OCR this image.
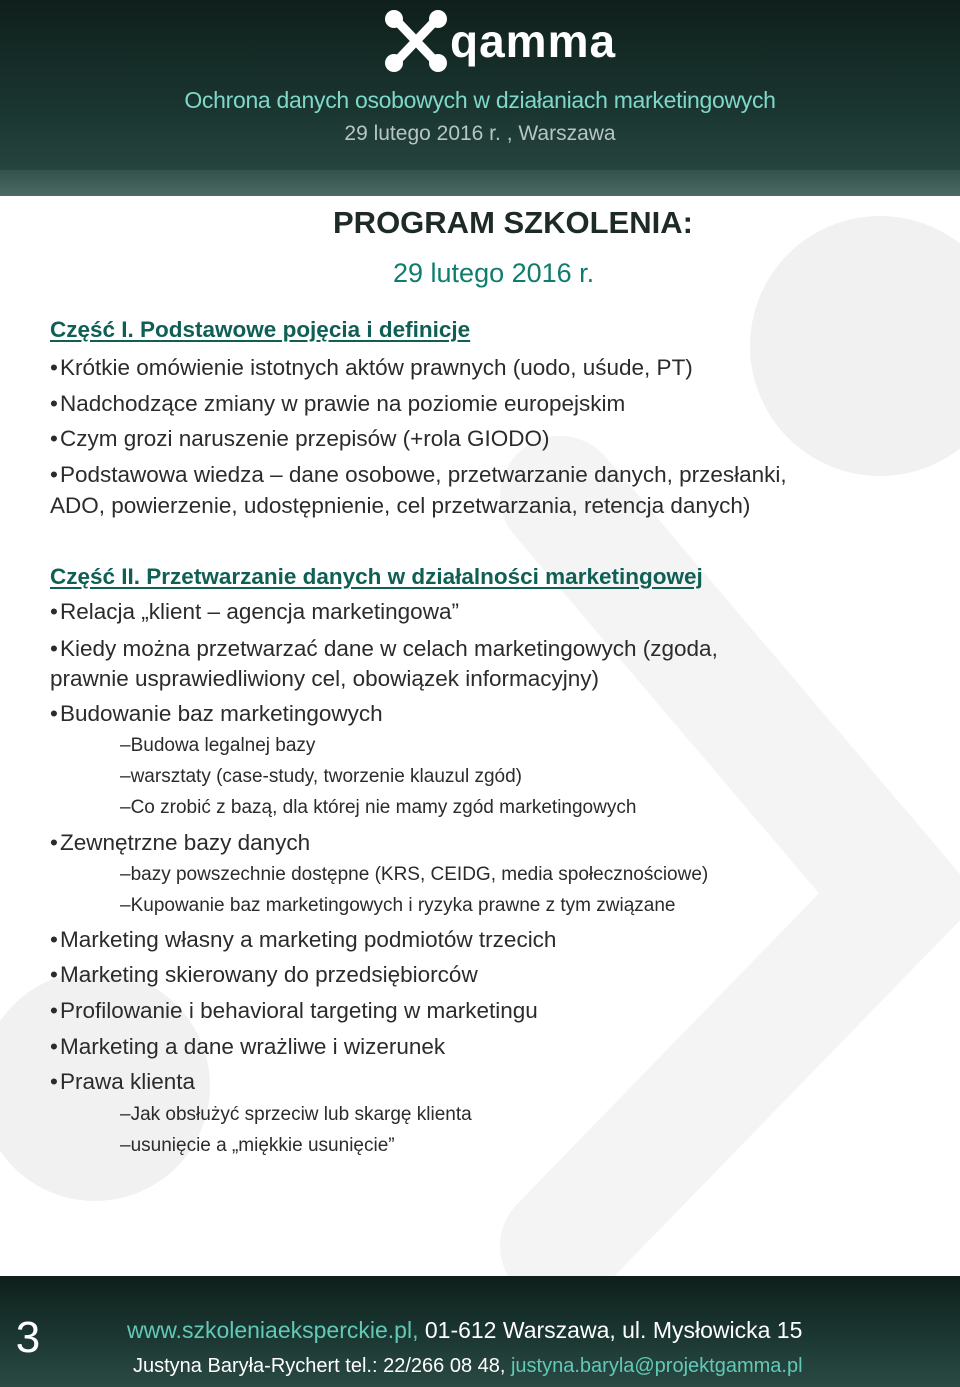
qamma
Ochrona danych osobowych w działaniach marketingowych
29 lutego 2016 r. , Warszawa
PROGRAM SZKOLENIA:
29 lutego 2016 r.
Część I. Podstawowe pojęcia i definicje
•Krótkie omówienie istotnych aktów prawnych (uodo, uśude, PT)
•Nadchodzące zmiany w prawie na poziomie europejskim
•Czym grozi naruszenie przepisów (+rola GIODO)
•Podstawowa wiedza – dane osobowe, przetwarzanie danych, przesłanki,
ADO, powierzenie, udostępnienie, cel przetwarzania, retencja danych)
Część II. Przetwarzanie danych w działalności marketingowej
•Relacja „klient – agencja marketingowa”
•Kiedy można przetwarzać dane w celach marketingowych (zgoda,
prawnie usprawiedliwiony cel, obowiązek informacyjny)
•Budowanie baz marketingowych
–Budowa legalnej bazy
–warsztaty (case-study, tworzenie klauzul zgód)
–Co zrobić z bazą, dla której nie mamy zgód marketingowych
•Zewnętrzne bazy danych
–bazy powszechnie dostępne (KRS, CEIDG, media społecznościowe)
–Kupowanie baz marketingowych i ryzyka prawne z tym związane
•Marketing własny a marketing podmiotów trzecich
•Marketing skierowany do przedsiębiorców
•Profilowanie i behavioral targeting w marketingu
•Marketing a dane wrażliwe i wizerunek
•Prawa klienta
–Jak obsłużyć sprzeciw lub skargę klienta
–usunięcie a „miękkie usunięcie”
3	www.szkoleniaeksperckie.pl, 01-612 Warszawa, ul. Mysłowicka 15
Justyna Baryła-Rychert tel.: 22/266 08 48, justyna.baryla@projektgamma.pl
